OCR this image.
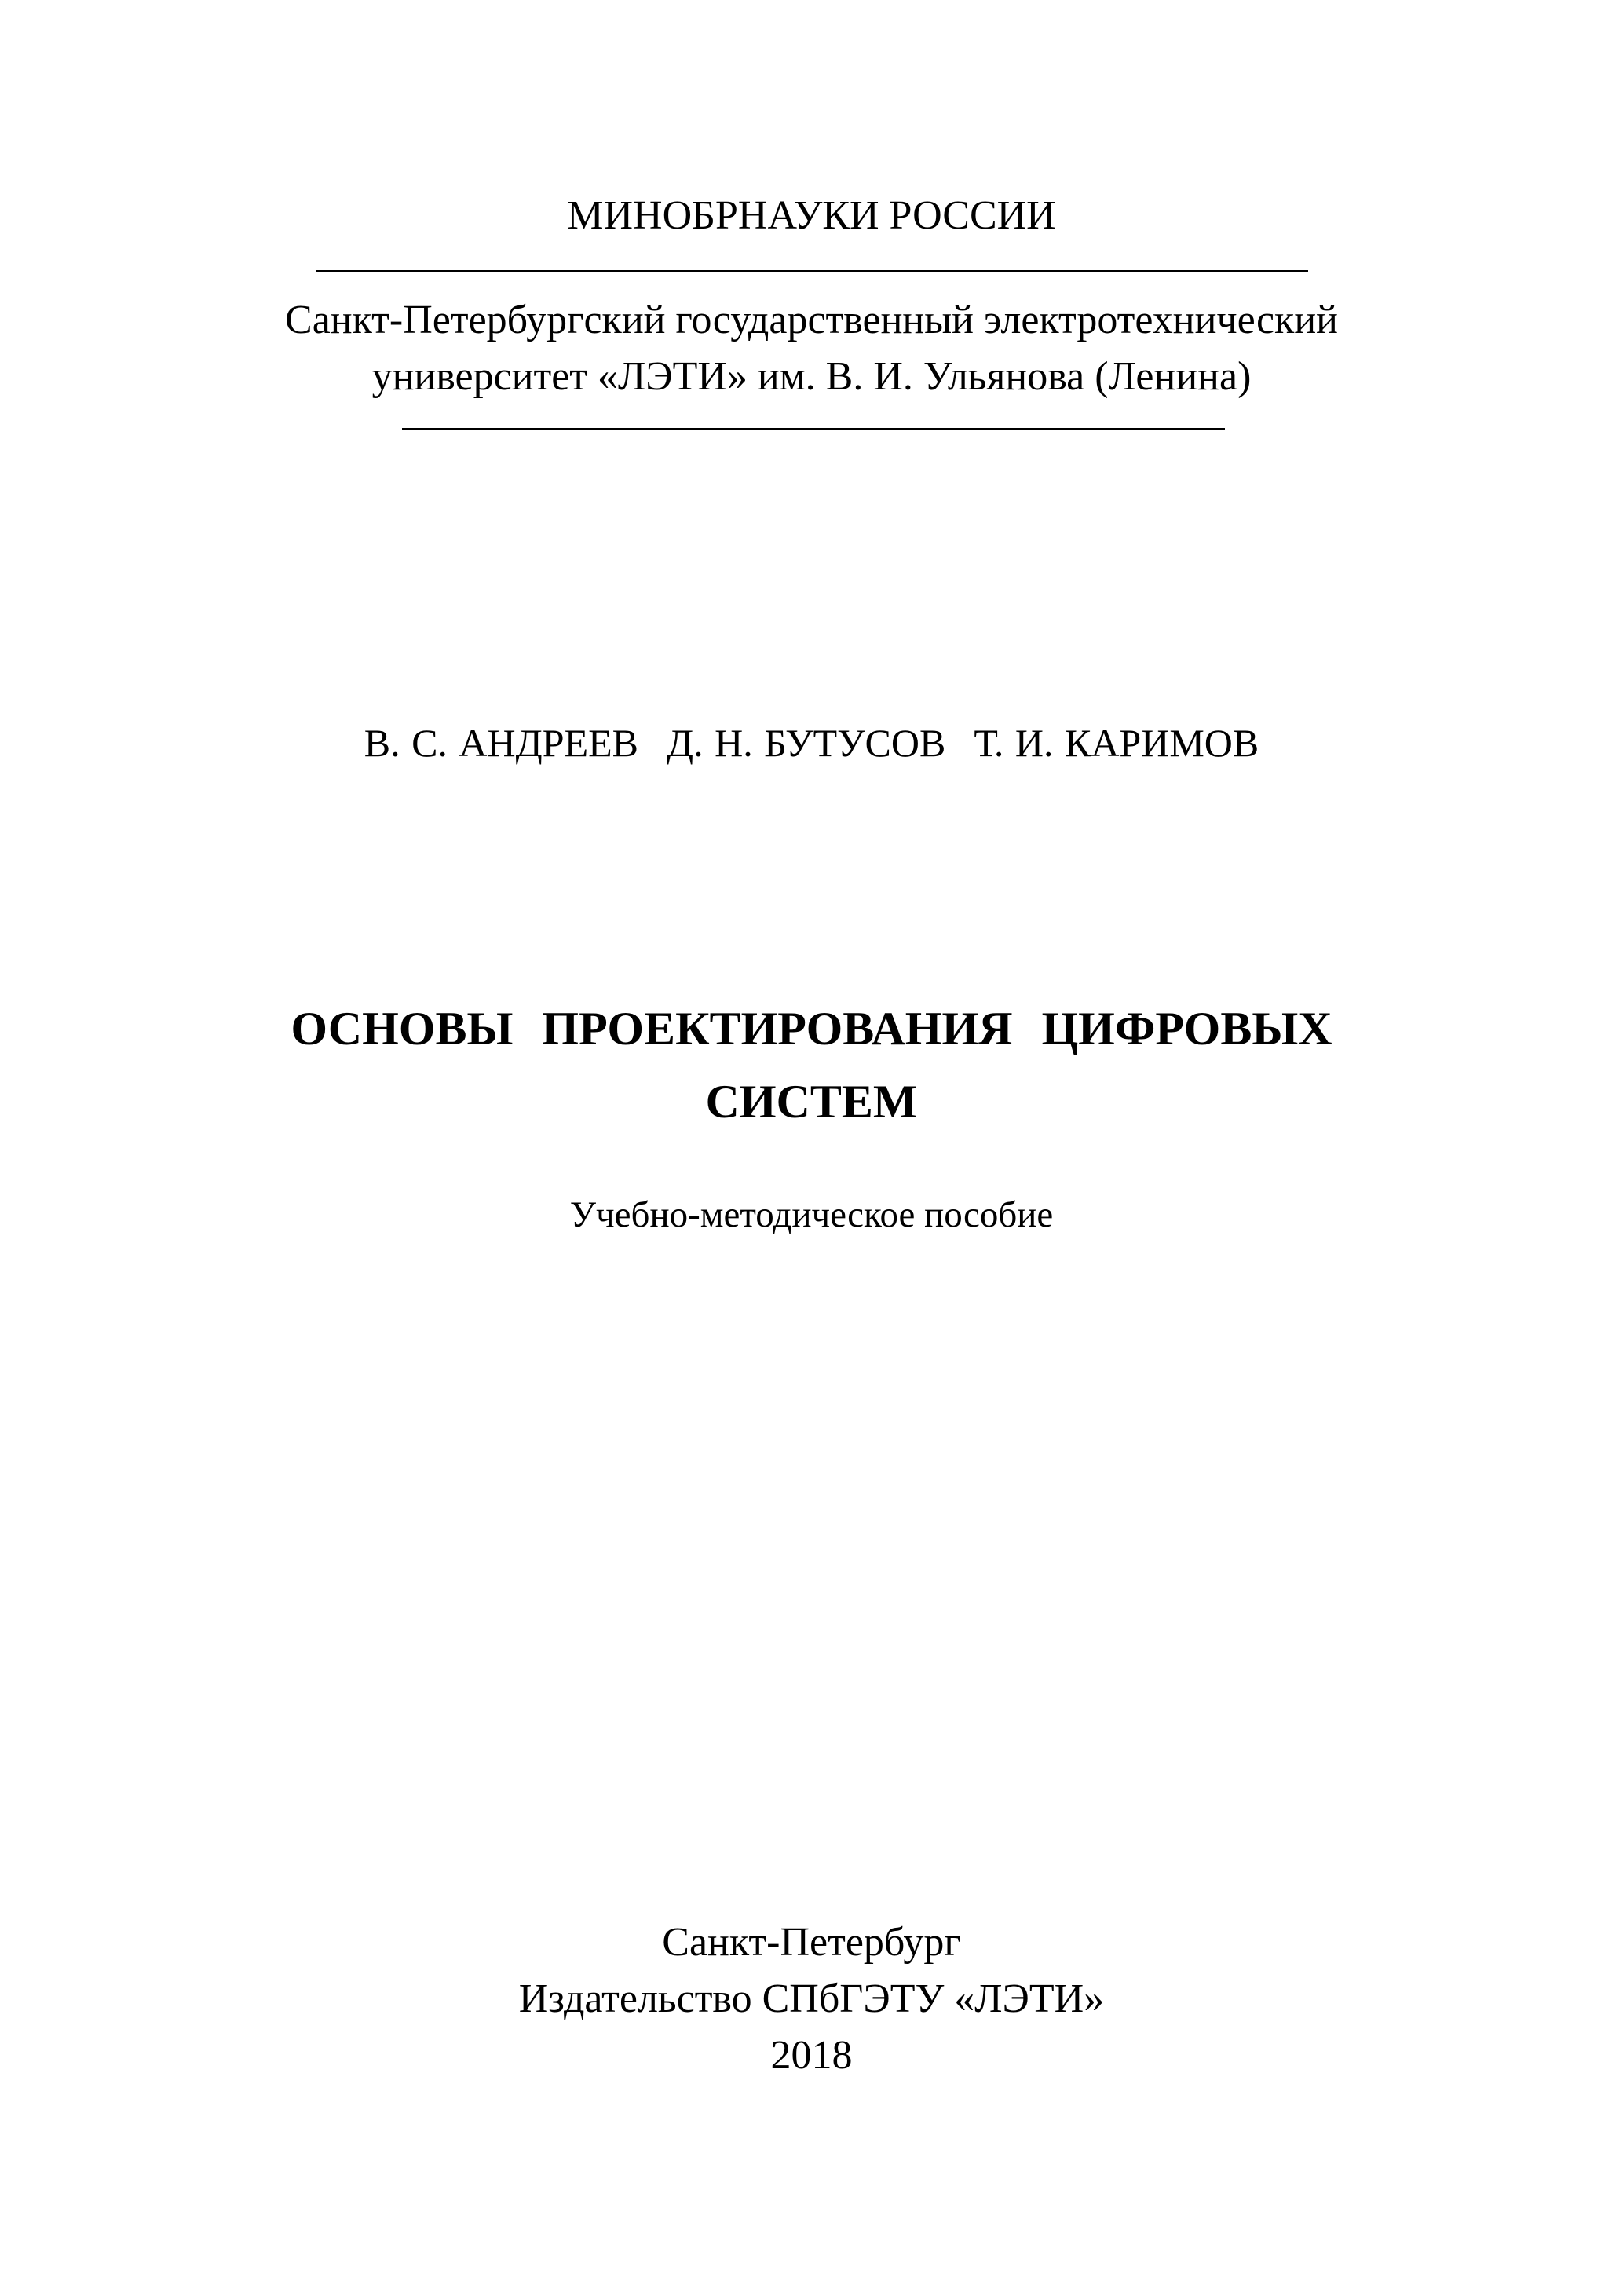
МИНОБРНАУКИ РОССИИ
Санкт-Петербургский государственный электротехнический
университет «ЛЭТИ» им. В. И. Ульянова (Ленина)
В. С. АНДРЕЕВ Д. Н. БУТУСОВ Т. И. КАРИМОВ
ОСНОВЫ ПРОЕКТИРОВАНИЯ ЦИФРОВЫХ
СИСТЕМ
Учебно-методическое пособие
Санкт-Петербург
Издательство СПбГЭТУ «ЛЭТИ»
2018
